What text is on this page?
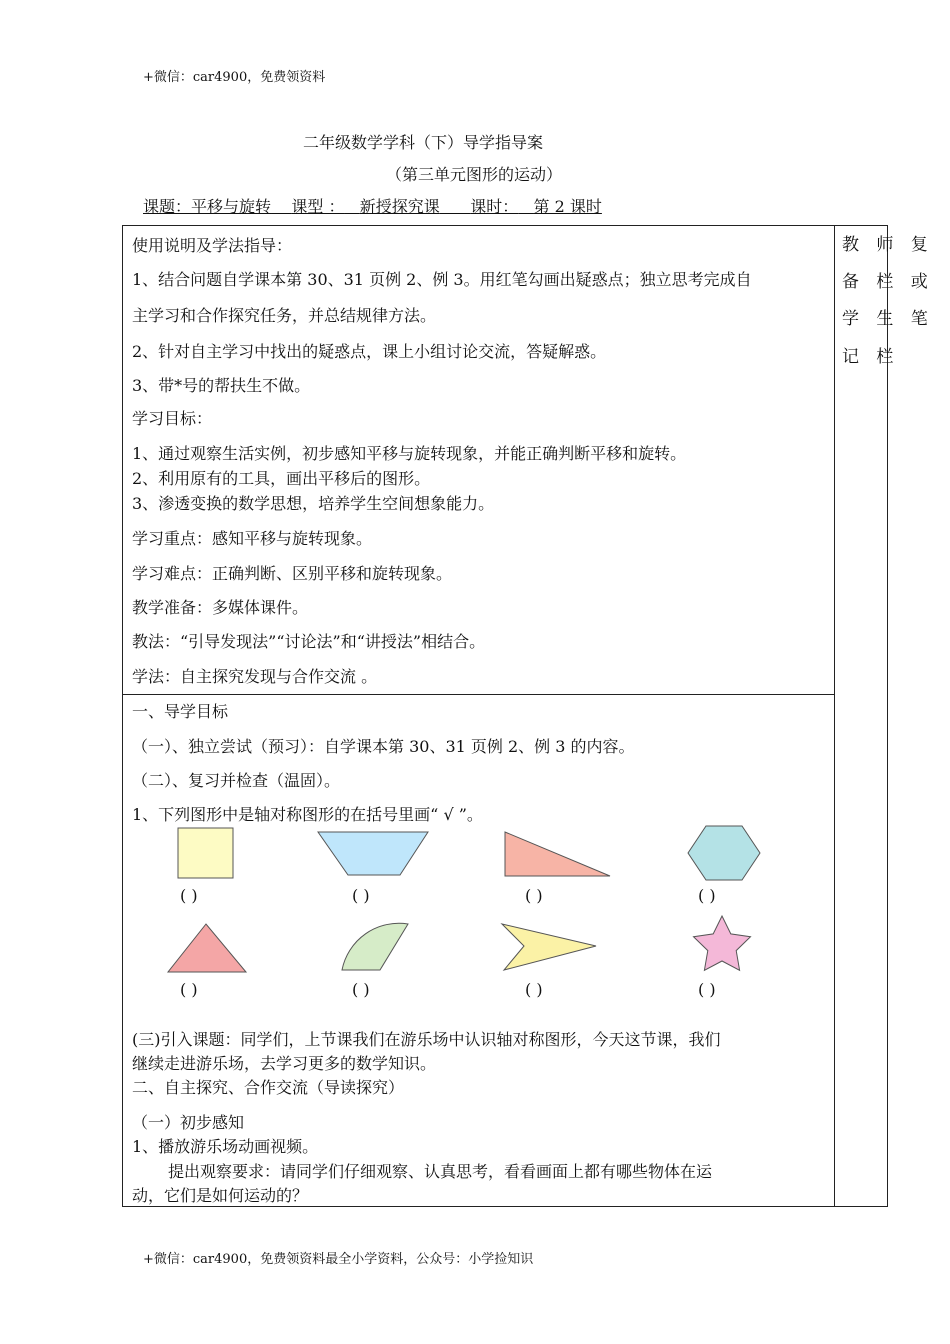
+微信：car4900，免费领资料
+微信：car4900，免费领资料最全小学资料，公众号：小学捡知识
二年级数学学科（下）导学指导案
（第三单元图形的运动）
课题：平移与旋转 课型 ： 新授探究课 课时： 第 2 课时
教 师 复
备 栏 或
学 生 笔
记 栏
使用说明及学法指导：
1、结合问题自学课本第 30、31 页例 2、例 3。用红笔勾画出疑惑点；独立思考完成自
主学习和合作探究任务，并总结规律方法。
2、针对自主学习中找出的疑惑点，课上小组讨论交流，答疑解惑。
3、带*号的帮扶生不做。
学习目标：
1、通过观察生活实例，初步感知平移与旋转现象，并能正确判断平移和旋转。
2、利用原有的工具，画出平移后的图形。
3、渗透变换的数学思想，培养学生空间想象能力。
学习重点：感知平移与旋转现象。
学习难点：正确判断、区别平移和旋转现象。
教学准备：多媒体课件。
教法：“引导发现法”“讨论法”和“讲授法”相结合。
学法：自主探究发现与合作交流 。
一、导学目标
（一）、独立尝试（预习）：自学课本第 30、31 页例 2、例 3 的内容。
（二）、复习并检查（温固）。
1、下列图形中是轴对称图形的在括号里画“ √ ”。
( )	( )	( )	( )
( )	( )	( )	( )
(三)引入课题：同学们，上节课我们在游乐场中认识轴对称图形，今天这节课，我们
继续走进游乐场，去学习更多的数学知识。
二、自主探究、合作交流（导读探究）
（一）初步感知
1、播放游乐场动画视频。
提出观察要求：请同学们仔细观察、认真思考，看看画面上都有哪些物体在运
动，它们是如何运动的？
